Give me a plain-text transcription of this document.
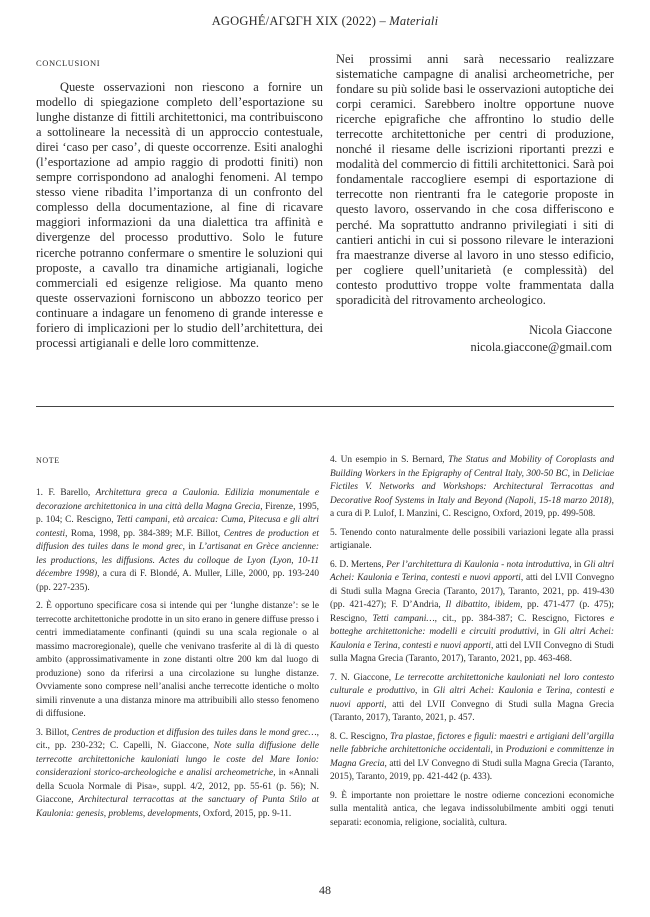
AGOGHÉ/ΑΓΩΓΗ XIX (2022) – Materiali
CONCLUSIONI

Queste osservazioni non riescono a fornire un modello di spiegazione completo dell’esportazione su lunghe distanze di fittili architettonici, ma contribuiscono a sottolineare la necessità di un approccio contestuale, direi ‘caso per caso’, di queste occorrenze. Esiti analoghi (l’esportazione ad ampio raggio di prodotti finiti) non sempre corrispondono ad analoghi fenomeni. Al tempo stesso viene ribadita l’importanza di un confronto del complesso della documentazione, al fine di ricavare maggiori informazioni da una dialettica tra affinità e divergenze del processo produttivo. Solo le future ricerche potranno confermare o smentire le soluzioni qui proposte, a cavallo tra dinamiche artigianali, logiche commerciali ed esigenze religiose. Ma quanto meno queste osservazioni forniscono un abbozzo teorico per continuare a indagare un fenomeno di grande interesse e foriero di implicazioni per lo studio dell’architettura, dei processi artigianali e delle loro committenze.

Nei prossimi anni sarà necessario realizzare sistematiche campagne di analisi archeometriche, per fondare su più solide basi le osservazioni autoptiche dei corpi ceramici. Sarebbero inoltre opportune nuove ricerche epigrafiche che affrontino lo studio delle terrecotte architettoniche per centri di produzione, nonché il riesame delle iscrizioni riportanti prezzi e modalità del commercio di fittili architettonici. Sarà poi fondamentale raccogliere esempi di esportazione di terrecotte non rientranti fra le categorie proposte in questo lavoro, osservando in che cosa differiscono e perché. Ma soprattutto andranno privilegiati i siti di cantieri antichi in cui si possono rilevare le interazioni fra maestranze diverse al lavoro in uno stesso edificio, per cogliere quell’unitarietà (e complessità) del contesto produttivo troppe volte frammentata dalla sporadicità del ritrovamento archeologico.

Nicola Giaccone
nicola.giaccone@gmail.com
NOTE

1. F. Barello, Architettura greca a Caulonia. Edilizia monumentale e decorazione architettonica in una città della Magna Grecia, Firenze, 1995, p. 104; C. Rescigno, Tetti campani, età arcaica: Cuma, Pitecusa e gli altri contesti, Roma, 1998, pp. 384-389; M.F. Billot, Centres de production et diffusion des tuiles dans le mond grec, in L’artisanat en Grèce ancienne: les productions, les diffusions. Actes du colloque de Lyon (Lyon, 10-11 décembre 1998), a cura di F. Blondé, A. Muller, Lille, 2000, pp. 193-240 (pp. 227-235).

2. È opportuno specificare cosa si intende qui per ‘lunghe distanze’: se le terrecotte architettoniche prodotte in un sito erano in genere diffuse presso i centri immediatamente confinanti (quindi su una scala regionale o al massimo macroregionale), quelle che venivano trasferite al di là di questo ambito (approssimativamente in zone distanti oltre 200 km dal luogo di produzione) sono da riferirsi a una circolazione su lunghe distanze. Ovviamente sono comprese nell’analisi anche terrecotte identiche o molto simili rinvenute a una distanza minore ma attribuibili allo stesso fenomeno di diffusione.

3. Billot, Centres de production et diffusion des tuiles dans le mond grec…, cit., pp. 230-232; C. Capelli, N. Giaccone, Note sulla diffusione delle terrecotte architettoniche kauloniati lungo le coste del Mare Ionio: considerazioni storico-archeologiche e analisi archeometriche, in «Annali della Scuola Normale di Pisa», suppl. 4/2, 2012, pp. 55-61 (p. 56); N. Giaccone, Architectural terracottas at the sanctuary of Punta Stilo at Kaulonia: genesis, problems, developments, Oxford, 2015, pp. 9-11.

4. Un esempio in S. Bernard, The Status and Mobility of Coroplasts and Building Workers in the Epigraphy of Central Italy, 300-50 BC, in Deliciae Fictiles V. Networks and Workshops: Architectural Terracottas and Decorative Roof Systems in Italy and Beyond (Napoli, 15-18 marzo 2018), a cura di P. Lulof, I. Manzini, C. Rescigno, Oxford, 2019, pp. 499-508.

5. Tenendo conto naturalmente delle possibili variazioni legate alla prassi artigianale.

6. D. Mertens, Per l’architettura di Kaulonia - nota introduttiva, in Gli altri Achei: Kaulonia e Terina, contesti e nuovi apporti, atti del LVII Convegno di Studi sulla Magna Grecia (Taranto, 2017), Taranto, 2021, pp. 419-430 (pp. 421-427); F. D’Andria, Il dibattito, ibidem, pp. 471-477 (p. 475); Rescigno, Tetti campani…, cit., pp. 384-387; C. Rescigno, Fictores e botteghe architettoniche: modelli e circuiti produttivi, in Gli altri Achei: Kaulonia e Terina, contesti e nuovi apporti, atti del LVII Convegno di Studi sulla Magna Grecia (Taranto, 2017), Taranto, 2021, pp. 463-468.

7. N. Giaccone, Le terrecotte architettoniche kauloniati nel loro contesto culturale e produttivo, in Gli altri Achei: Kaulonia e Terina, contesti e nuovi apporti, atti del LVII Convegno di Studi sulla Magna Grecia (Taranto, 2017), Taranto, 2021, p. 457.

8. C. Rescigno, Tra plastae, fictores e figuli: maestri e artigiani dell’argilla nelle fabbriche architettoniche occidentali, in Produzioni e committenze in Magna Grecia, atti del LV Convegno di Studi sulla Magna Grecia (Taranto, 2015), Taranto, 2019, pp. 421-442 (p. 433).

9. È importante non proiettare le nostre odierne concezioni economiche sulla mentalità antica, che legava indissolubilmente ambiti oggi tenuti separati: economia, religione, socialità, cultura.

48
